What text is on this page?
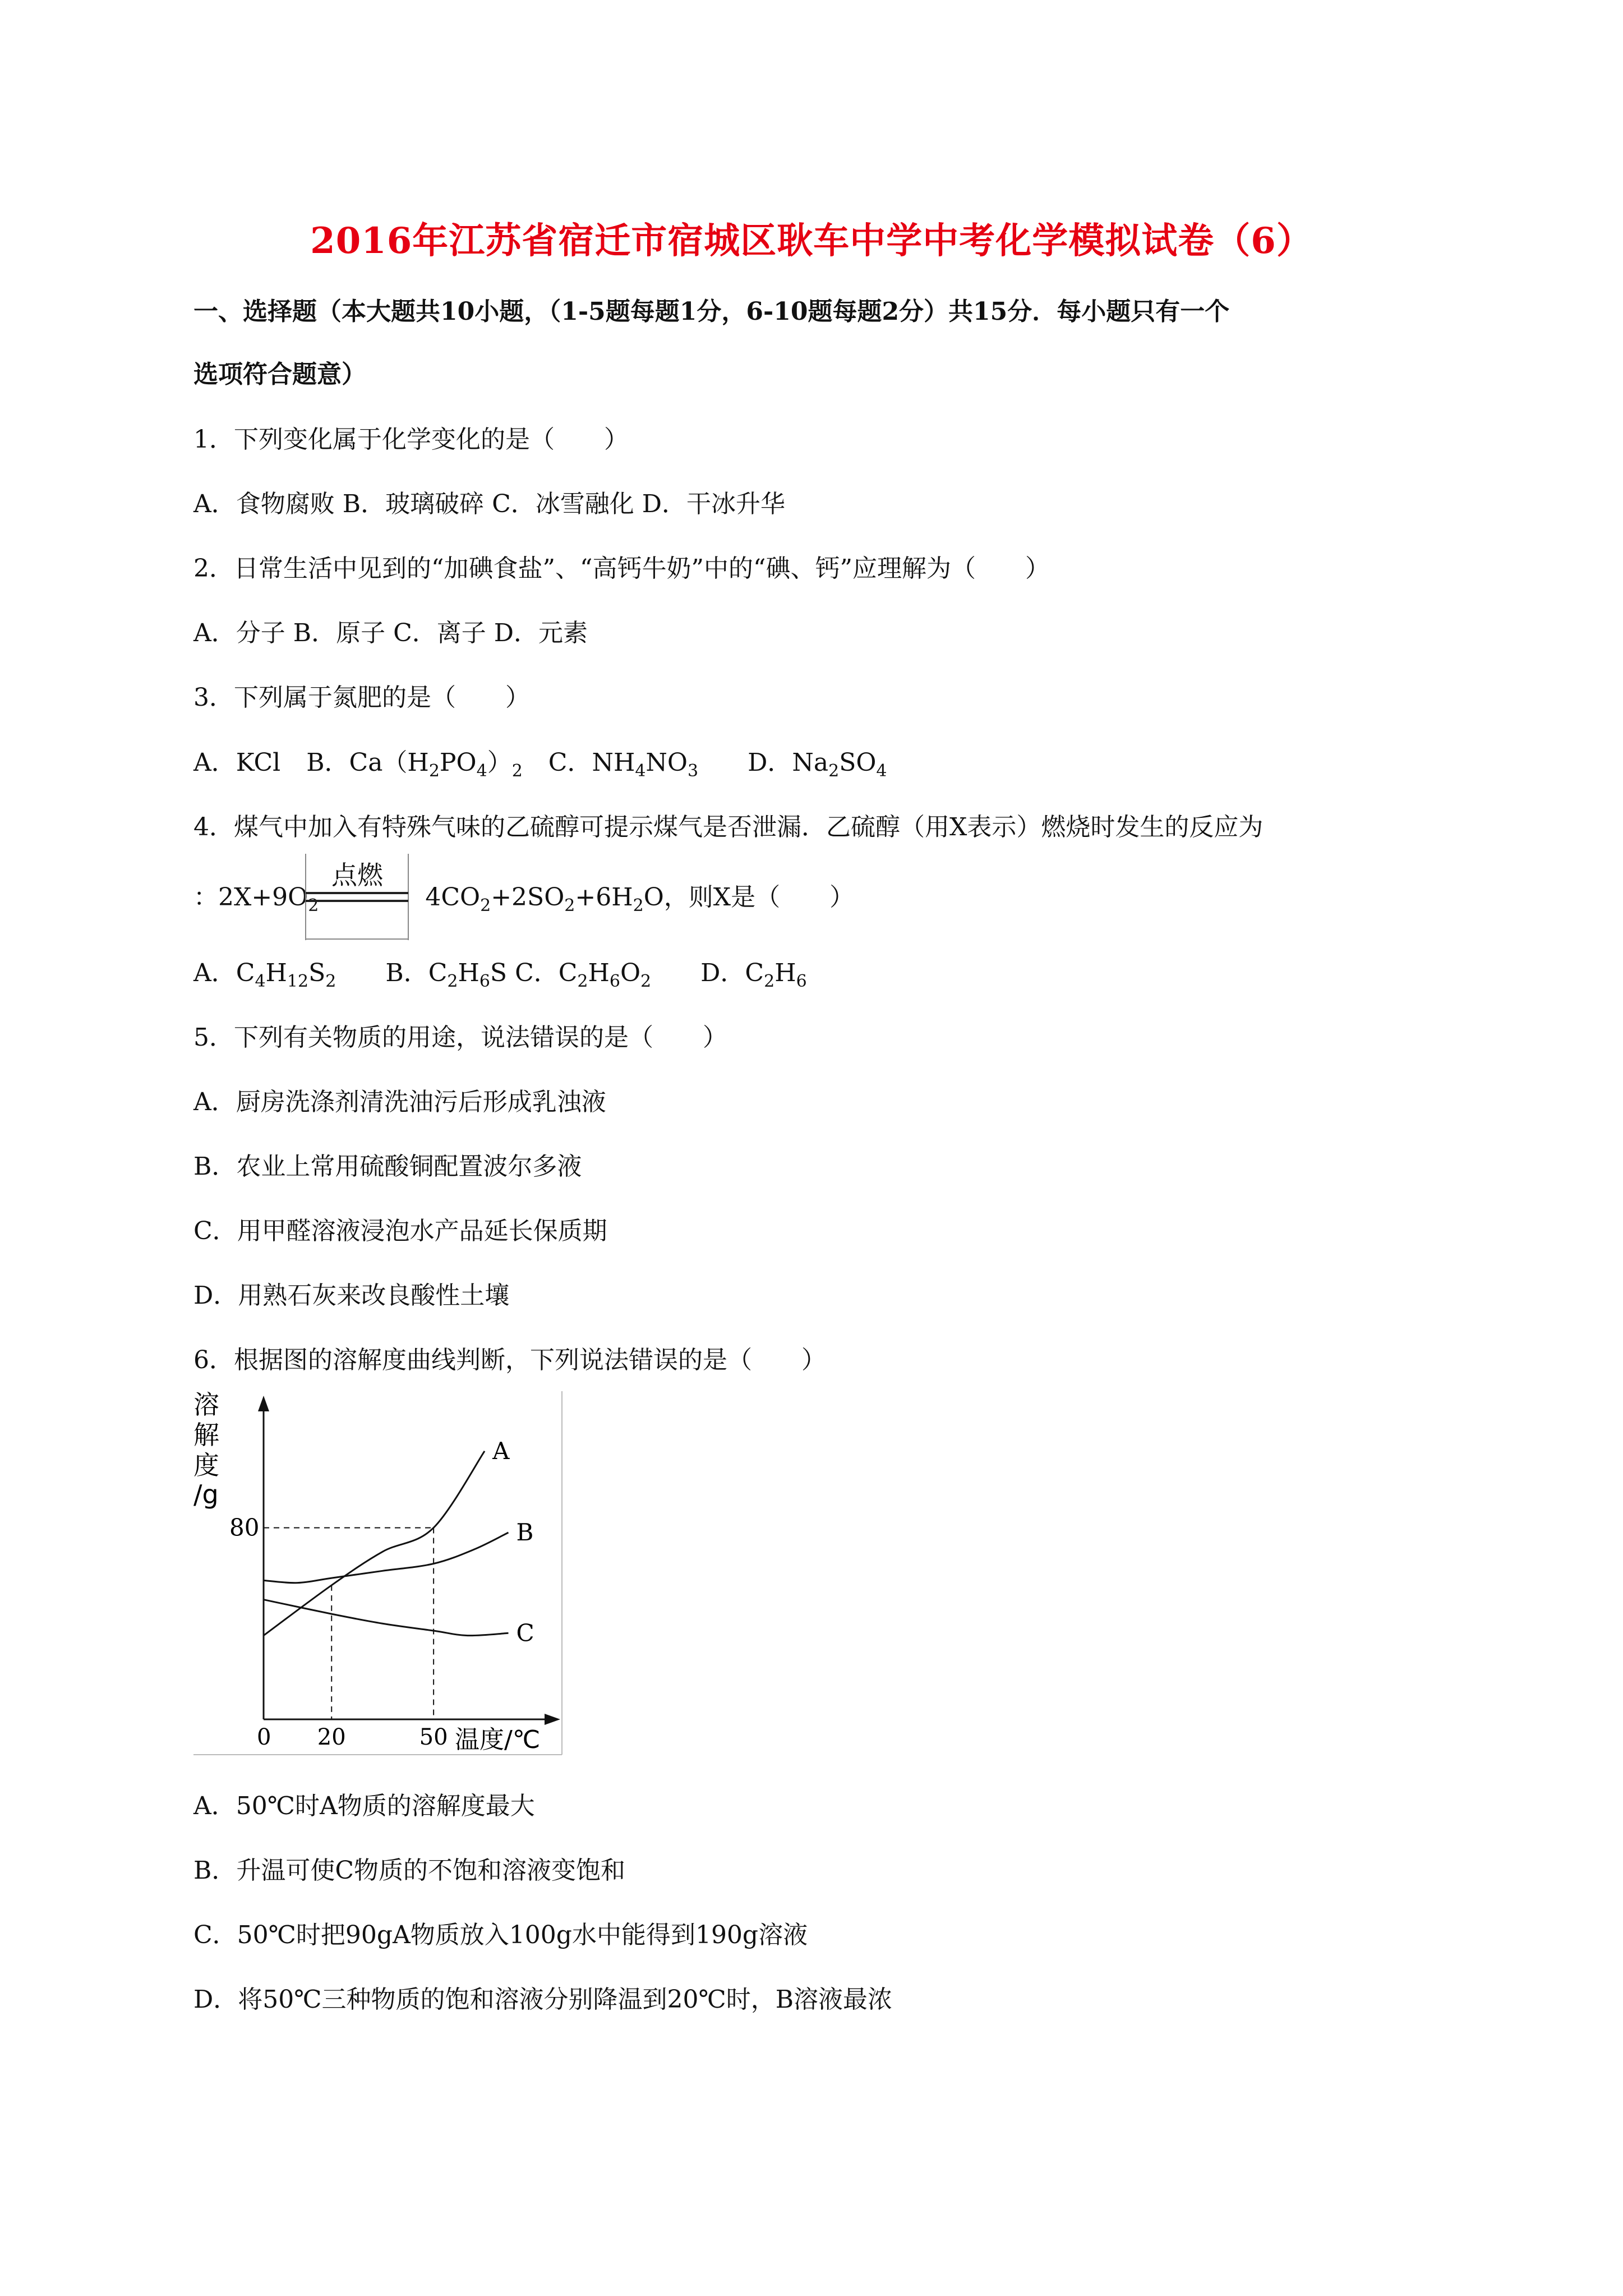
2016年江苏省宿迁市宿城区耿车中学中考化学模拟试卷（6）
一、选择题（本大题共10小题，（1-5题每题1分，6-10题每题2分）共15分．每小题只有一个
选项符合题意）
1．下列变化属于化学变化的是（　　）
A．食物腐败 B．玻璃破碎 C．冰雪融化 D．干冰升华
2．日常生活中见到的“加碘食盐”、“高钙牛奶”中的“碘、钙”应理解为（　　）
A．分子 B．原子 C．离子 D．元素
3．下列属于氮肥的是（　　）
A．KCl B．$Ca(H_2PO_4)_2$ C．$NH_4NO_3$ D．$Na_2SO_4$
4．煤气中加入有特殊气味的乙硫醇可提示煤气是否泄漏．乙硫醇（用X表示）燃烧时发生的反应为
：$2X+9O_2$	$4CO_2+2SO_2+6H_2O$，则X是（　　）
点燃
A．$C_4H_{12}S_2$ B．$C_2H_6S$ C．$C_2H_6O_2$ D．$C_2H_6$
5．下列有关物质的用途，说法错误的是（　　）
A．厨房洗涤剂清洗油污后形成乳浊液
B．农业上常用硫酸铜配置波尔多液
C．用甲醛溶液浸泡水产品延长保质期
D．用熟石灰来改良酸性土壤
6．根据图的溶解度曲线判断，下列说法错误的是（　　）
溶
解
度
/g
80
0 20	50 温度/℃
A
B
C
A．50℃时A物质的溶解度最大
B．升温可使C物质的不饱和溶液变饱和
C．50℃时把90gA物质放入100g水中能得到190g溶液
D．将50℃三种物质的饱和溶液分别降温到20℃时，B溶液最浓
